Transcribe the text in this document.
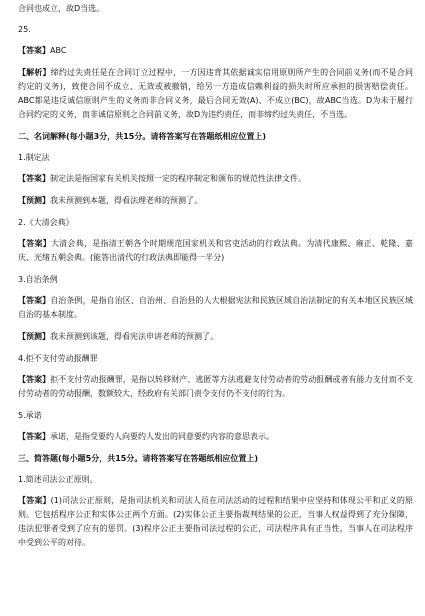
合同也成立，故D当选。
25.
【答案】ABC
【解析】缔约过失责任是在合同订立过程中，一方因违背其依据诚实信用原则所产生的合同前义务(而不是合同约定的义务)，致使合同不成立、无效或被撤销，给另一方造成信赖利益的损失时所应承担的损害赔偿责任。ABC都是违反诚信原则产生的义务而非合同义务，最后合同无效(A)、不成立(BC)，故ABC当选。D为未于履行合同约定的义务，而非诚信原则之合同前义务，故D为违约责任，而非缔约过失责任，不当选。
二、名词解释(每小题3分，共15分。请将答案写在答题纸相应位置上)
1.制定法
【答案】制定法是指国家有关机关按照一定的程序制定和颁布的规范性法律文件。
【预测】我未预测到本题，得看法理老师的预测了。
2.《大清会典》
【答案】大清会典，是指清王朝各个时期规范国家机关和官吏活动的行政法典。为清代康熙、雍正、乾隆、嘉庆、光绪五朝会典。(能答出清代的行政法典即能得一半分)
3.自治条例
【答案】自治条例，是指自治区、自治州、自治县的人大根据宪法和民族区域自治法制定的有关本地区民族区域自治的基本制度。
【预测】我未预测到该题，得看宪法申讲老师的预测了。
4.拒不支付劳动报酬罪
【答案】拒不支付劳动报酬罪，是指以转移财产、逃匿等方法逃避支付劳动者的劳动报酬或者有能力支付而不支付劳动者的劳动报酬，数额较大，经政府有关部门责令支付仍不支付的行为。
5.承诺
【答案】承诺，是指受要约人向要约人发出的同意要约内容的意思表示。
三、简答题(每小题5分，共15分。请将答案写在答题纸相应位置上)
1.简述司法公正原则。
【答案】(1)司法公正原则，是指司法机关和司法人员在司法活动的过程和结果中应坚持和体现公平和正义的原则。它包括程序公正和实体公正两个方面。(2)实体公正主要指裁判结果的公正，当事人权益得到了充分保障，违法犯罪者受到了应有的惩罚。(3)程序公正主要指司法过程的公正，司法程序具有正当性，当事人在司法程序中受到公平的对待。
